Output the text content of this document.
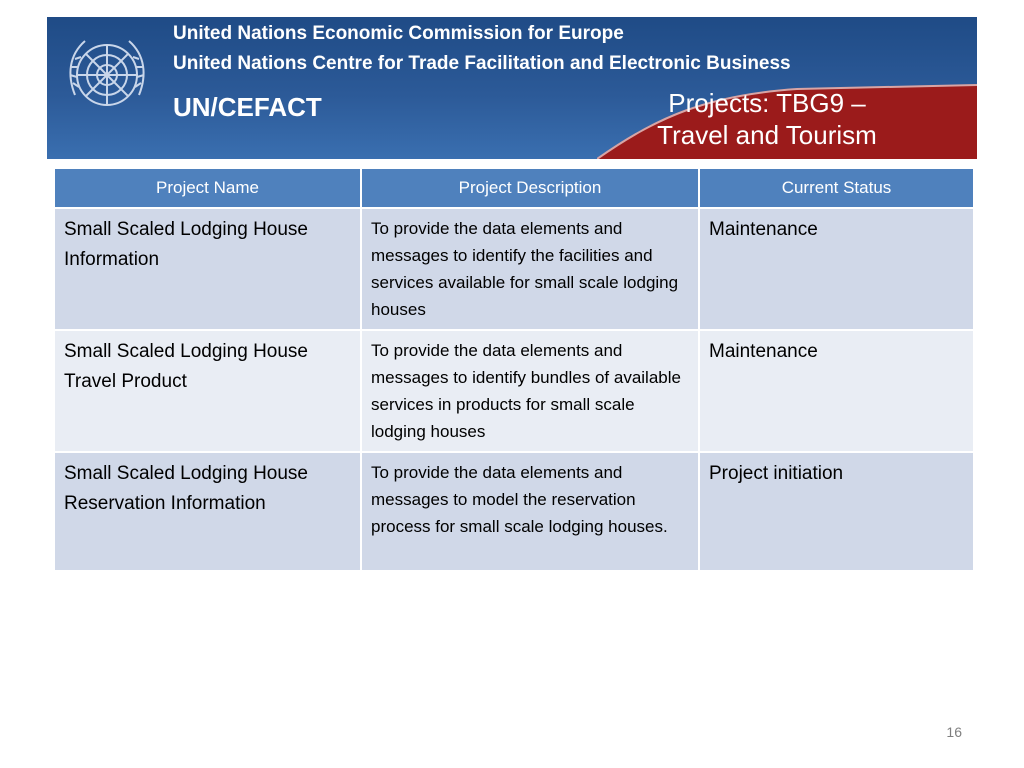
United Nations Economic Commission for Europe
United Nations Centre for Trade Facilitation and Electronic Business
UN/CEFACT	Projects: TBG9 –
Travel and Tourism
Project Name	Project Description	Current Status
Small Scaled Lodging House Information	To provide the data elements and messages to identify the facilities and services available for small scale lodging houses	Maintenance
Small Scaled Lodging House Travel Product	To provide the data elements and messages to identify bundles of available services in products for small scale lodging houses	Maintenance
Small Scaled Lodging House Reservation Information	To provide the data elements and messages to model the reservation process for small scale lodging houses.	Project initiation
16
